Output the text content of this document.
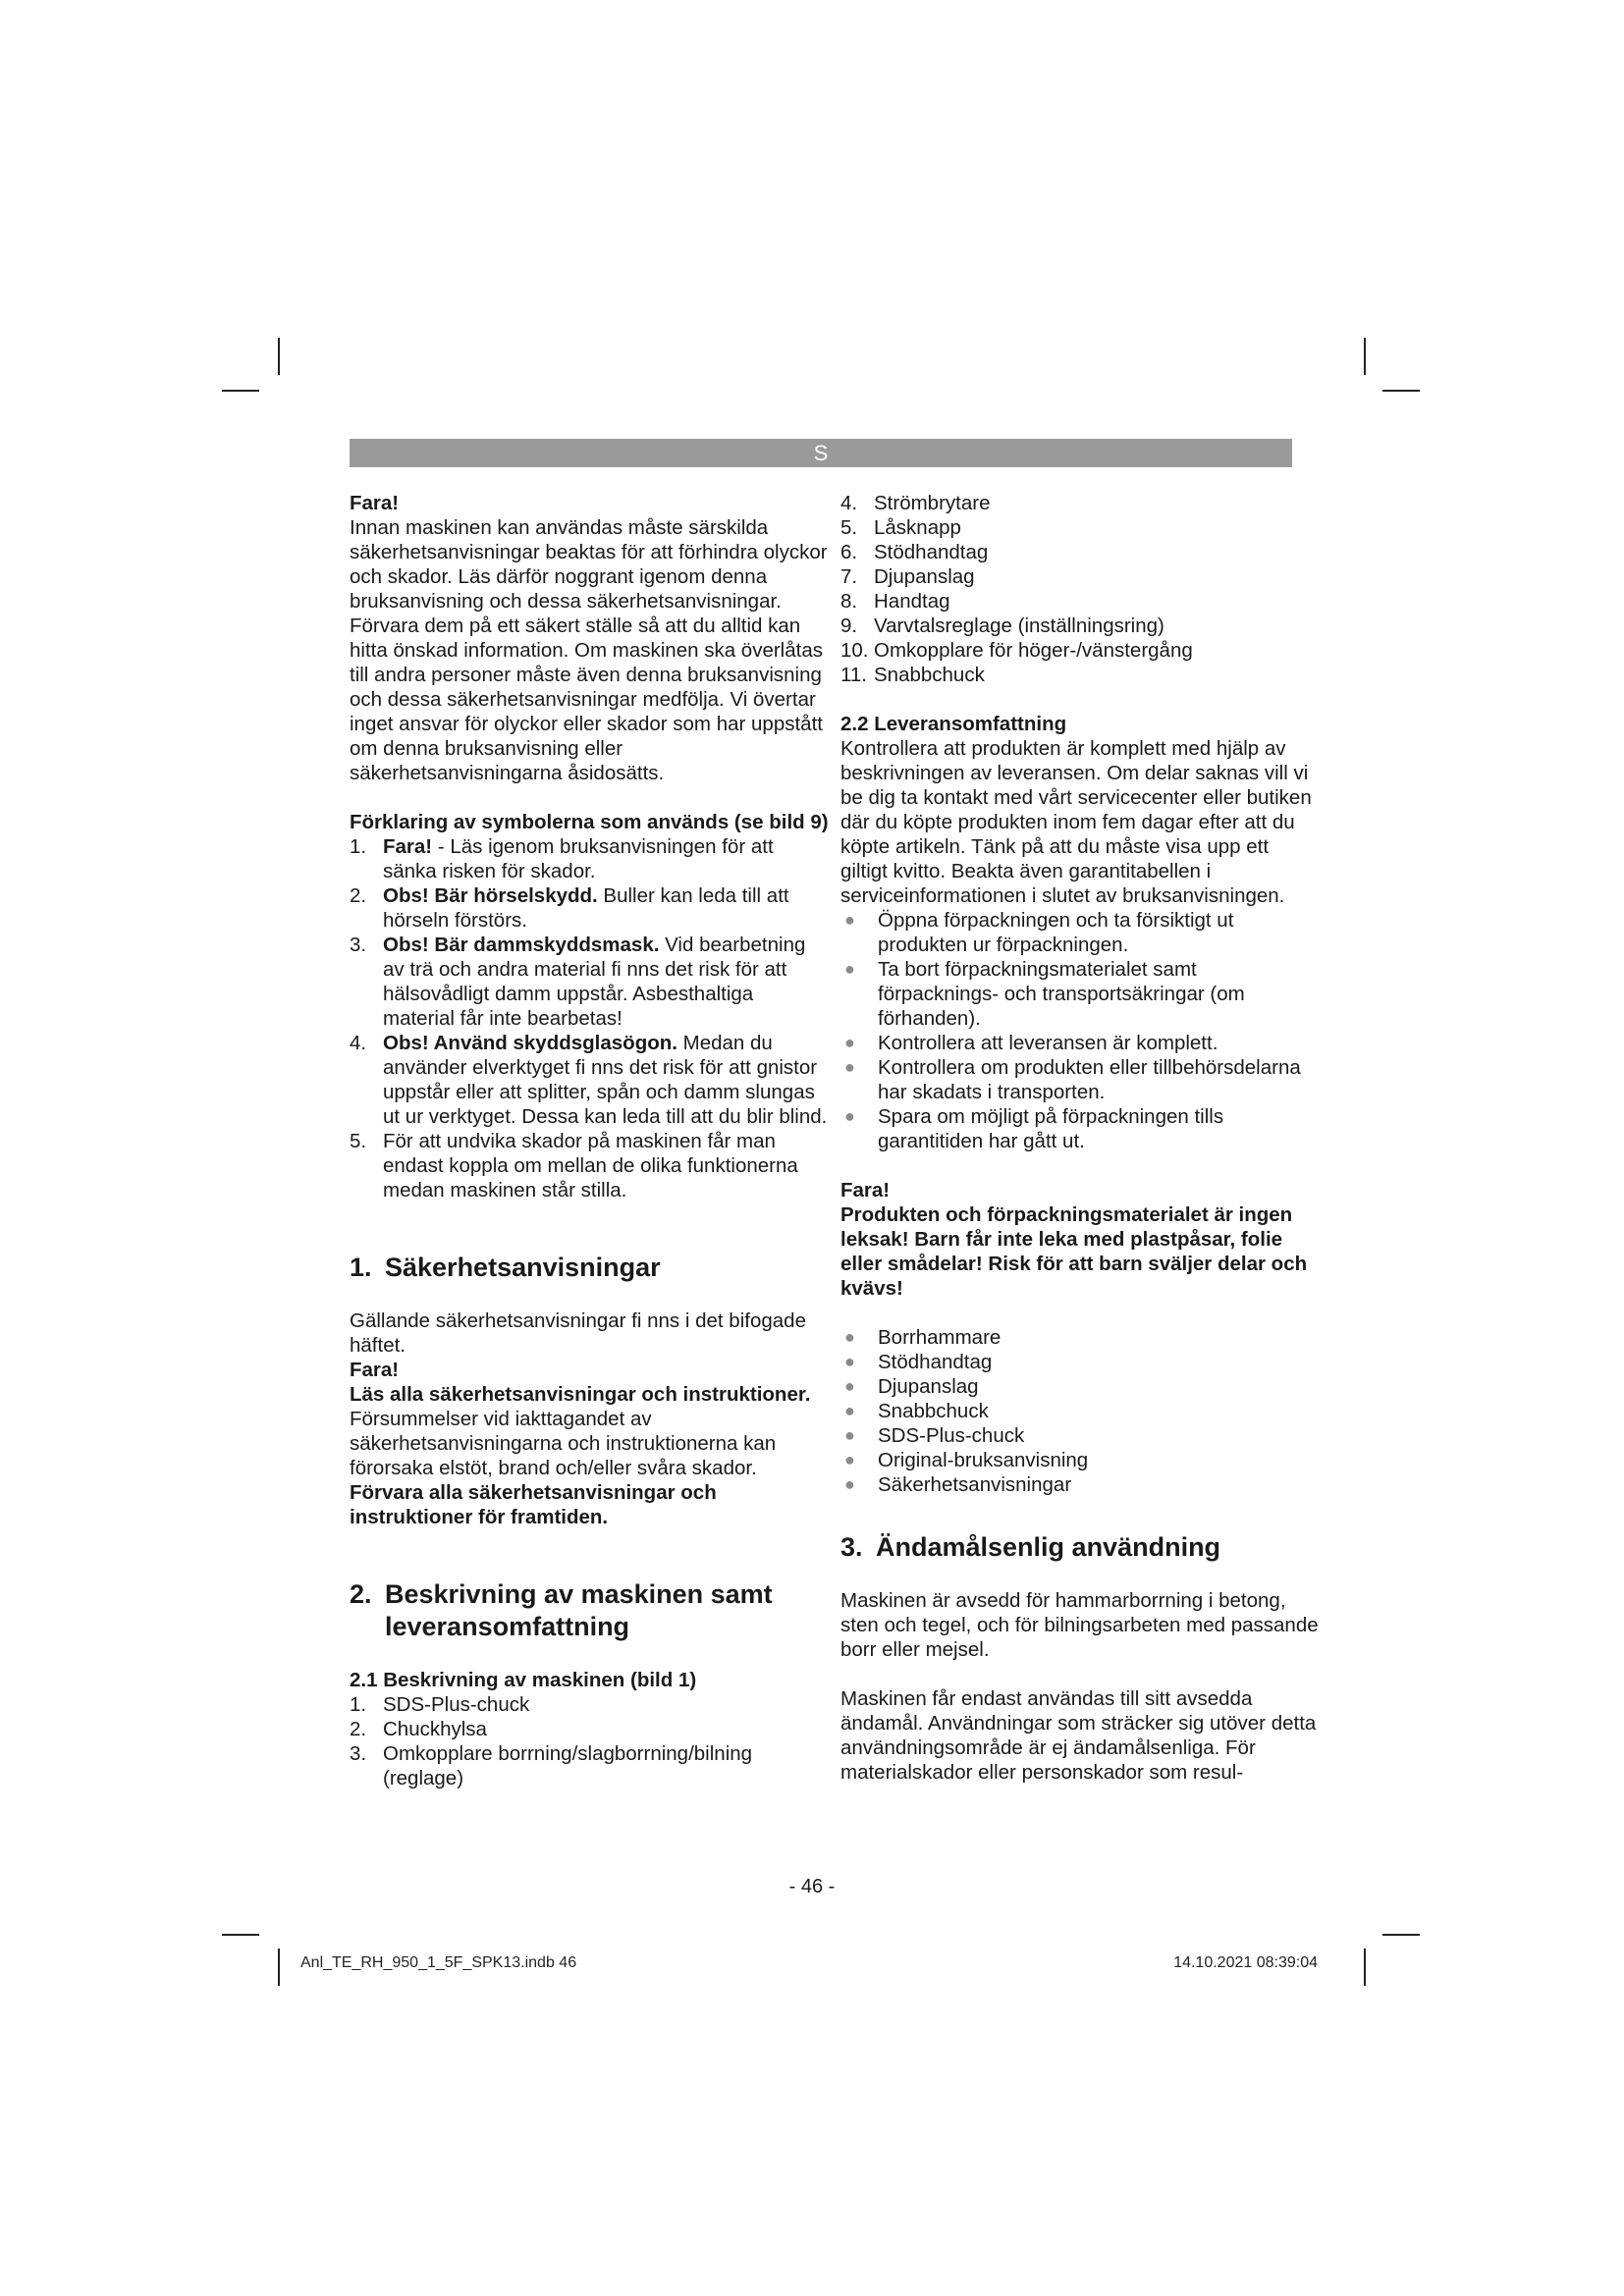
S

Fara!

Innan maskinen kan användas måste särskilda säkerhetsanvisningar beaktas för att förhindra olyckor och skador. Läs därför noggrant igenom denna bruksanvisning och dessa säkerhetsanvisningar. Förvara dem på ett säkert ställe så att du alltid kan hitta önskad information. Om maskinen ska överlåtas till andra personer måste även denna bruksanvisning och dessa säkerhetsanvisningar medfölja. Vi övertar inget ansvar för olyckor eller skador som har uppstått om denna bruksanvisning eller säkerhetsanvisningarna åsidosätts.

Förklaring av symbolerna som används (se bild 9)

1. Fara! - Läs igenom bruksanvisningen för att sänka risken för skador.
2. Obs! Bär hörselskydd. Buller kan leda till att hörseln förstörs.
3. Obs! Bär dammskyddsmask. Vid bearbetning av trä och andra material fi nns det risk för att hälsovådligt damm uppstår. Asbesthaltiga material får inte bearbetas!
4. Obs! Använd skyddsglasögon. Medan du använder elverktyget fi nns det risk för att gnistor uppstår eller att splitter, spån och damm slungas ut ur verktyget. Dessa kan leda till att du blir blind.
5. För att undvika skador på maskinen får man endast koppla om mellan de olika funktionerna medan maskinen står stilla.
1. Säkerhetsanvisningar

Gällande säkerhetsanvisningar fi nns i det bifogade häftet.

Fara!

Läs alla säkerhetsanvisningar och instruktioner. Försummelser vid iakttagandet av säkerhetsanvisningarna och instruktionerna kan förorsaka elstöt, brand och/eller svåra skador. Förvara alla säkerhetsanvisningar och instruktioner för framtiden.

2. Beskrivning av maskinen samt leveransomfattning
2.1 Beskrivning av maskinen (bild 1)
1. SDS-Plus-chuck
2. Chuckhylsa
3. Omkopplare borrning/slagborrning/bilning (reglage)
4. Strömbrytare
5. Låsknapp
6. Stödhandtag
7. Djupanslag
8. Handtag
9. Varvtalsreglage (inställningsring)
10. Omkopplare för höger-/vänstergång
11. Snabbchuck
2.2 Leveransomfattning

Kontrollera att produkten är komplett med hjälp av beskrivningen av leveransen. Om delar saknas vill vi be dig ta kontakt med vårt servicecenter eller butiken där du köpte produkten inom fem dagar efter att du köpte artikeln. Tänk på att du måste visa upp ett giltigt kvitto. Beakta även garantitabellen i serviceinformationen i slutet av bruksanvisningen.

● Öppna förpackningen och ta försiktigt ut produkten ur förpackningen.
● Ta bort förpackningsmaterialet samt förpacknings- och transportsäkringar (om förhanden).
● Kontrollera att leveransen är komplett.
● Kontrollera om produkten eller tillbehörsdelarna har skadats i transporten.
● Spara om möjligt på förpackningen tills garantitiden har gått ut.

Fara!

Produkten och förpackningsmaterialet är ingen leksak! Barn får inte leka med plastpåsar, folie eller smådelar! Risk för att barn sväljer delar och kvävs!

● Borrhammare
● Stödhandtag
● Djupanslag
● Snabbchuck
● SDS-Plus-chuck
● Original-bruksanvisning
● Säkerhetsanvisningar
3. Ändamålsenlig användning

Maskinen är avsedd för hammarborrning i betong, sten och tegel, och för bilningsarbeten med passande borr eller mejsel.

Maskinen får endast användas till sitt avsedda ändamål. Användningar som sträcker sig utöver detta användningsområde är ej ändamålsenliga. För materialskador eller personskador som resul-

- 46 -
Anl_TE_RH_950_1_5F_SPK13.indb 46	14.10.2021 08:39:04
